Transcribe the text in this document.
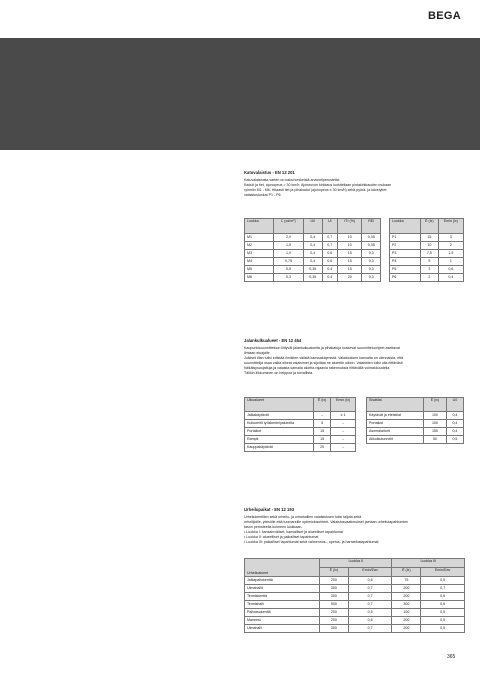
BEGA
Katuvalaistus - EN 13 201

Katuvalaistusta varten on kaksi keskeistä arviointiperustetta:

Kaduit ja tiet, ajonopeus > 30 km/h: Ajoneuvon kirkkaus luokitellaan pintakirkkauden mukaan

ryhmiin M1 - M6. Hitaasti tiet ja pihakadut (ajonopeus ≤ 30 km/h) sekä pyörä- ja kävelytiet:

valaistusluokat P1 - P6.

Luokka	L̄ (cd/m²)	U0	Ul	fTI (%)	REI
M1	2,0	0,4	0,7	10	0,35
M2	1,5	0,4	0,7	10	0,35
M3	1,0	0,4	0,6	15	0,3
M4	0,75	0,4	0,6	15	0,3
M5	0,5	0,35	0,4	15	0,3
M6	0,3	0,35	0,4	20	0,3
Luokka	Ē (lx)	Emin (lx)
P1	15	3
P2	10	2
P3	7,5	1,5
P4	5	1
P5	3	0,6
P6	2	0,4
Jalankulkualueet - EN 12 464

Kaupunkisuunnitteluun liittyvät jalankulkualueita ja pihakatuja koskevat suunnitteluohjeet asettavat

ilmiaan eluajalle.

Julkiset tilan tulisi edistää ilmiisten välistä kanssakäymistä. Valaistuksen kannalta on olennaista, että

suunnittelija osaa valita oikeat valaisimet ja sijoittaa ne alueelle oikein. Valaistiien tulisi olla riittävästi

häikäisysuojattuja ja valaista samalla alueita rajaavia rakennuksia riittävällä voimakkuudella.

Tällöin liikkuminen on helppoa ja turvallista.

Ulkoalueet	Ē (lx)	Emin (lx)
Jalkakäytävät	–	≥ 1
Kulkureitit työskentelyalueella	5	–
Portaikot	15	–
Rampit	15	–
Kauppakäytävät	20	–
Sisätilat	Ē (lx)	U0
Käytävät ja eteistilat	100	0,4
Portaikot	100	0,4
Asemalaiturit	150	0,4
Alikulkutunnelit	50	0,5
Urheilupaikat - EN 12 193

Urheilukentillen sekä urheilu- ja uimahallien valaistuksen tulisi taijota sekä

urheilijoille, yleisölle että tuomareille optimiolosuhteet. Valaistusvaatimukset jaetaan urheilutapahtumien

tason perusteella kolmeen luokkaan.

• Luokka I: kansainväliset, kansalliset ja alueelliset tapahtumat

• Luokka II: alueelliset ja paikalliset tapahtumat

• Luokka III: paikalliset tapahtumat sekä valmennus-, opetus- ja harrastustapahtumat

Urheilualueet	Luokka II		Luokka III	
	Ē (lx)	Emin/Eav	Ē (lx)	Emin/Eav
Jalkapallokenttä	200	0,6	75	0,5
Uimahallit	300	0,7	200	0,7
Tenniskenttä	300	0,7	200	0,6
Tennishalli	500	0,7	300	0,6
Palloasukenttä	200	0,5	100	0,5
Maneesi	200	0,6	200	0,5
Uimahalli	300	0,7	200	0,5
365
